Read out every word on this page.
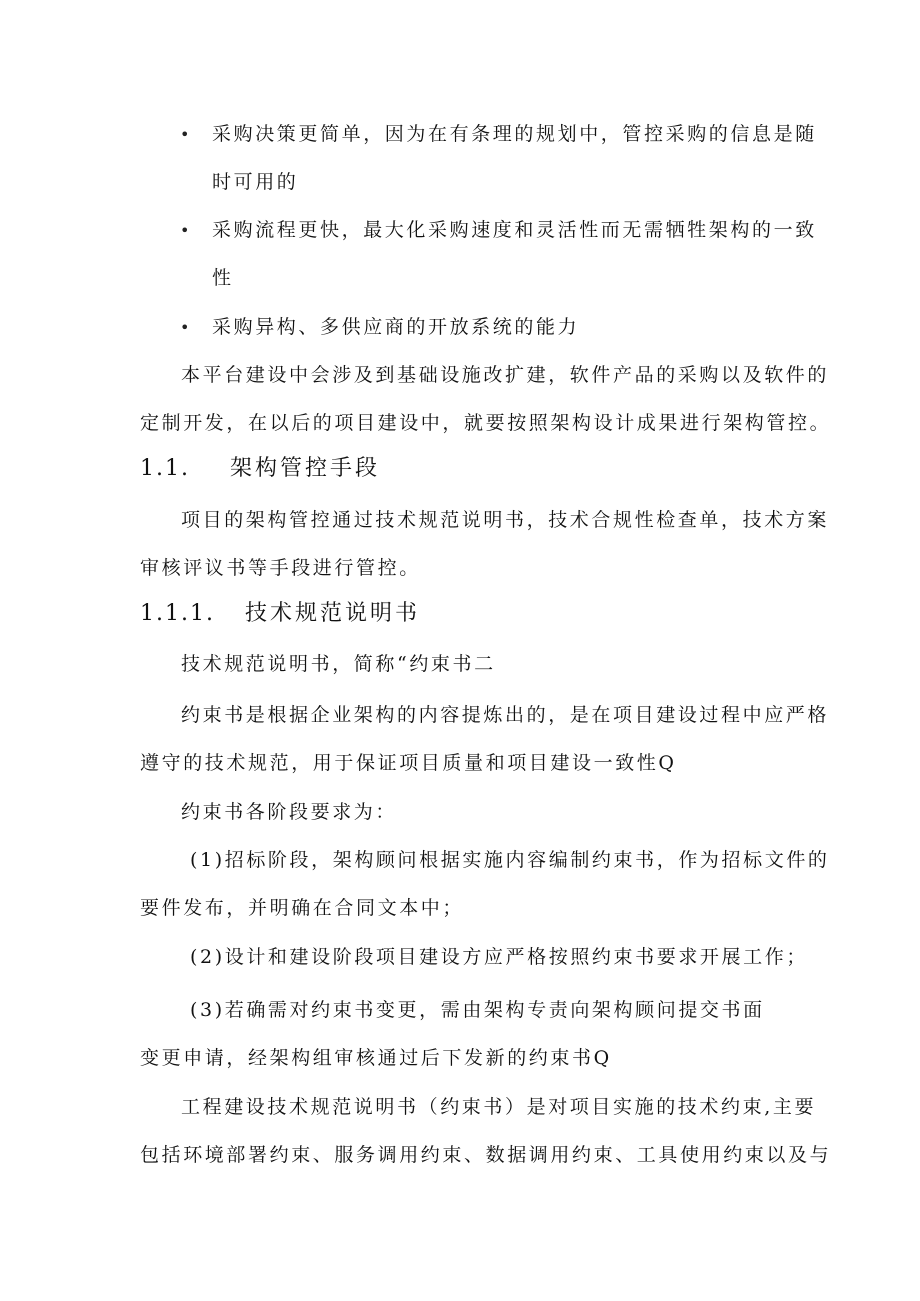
• 采购决策更简单，因为在有条理的规划中，管控采购的信息是随
时可用的
• 采购流程更快，最大化采购速度和灵活性而无需牺牲架构的一致
性
• 采购异构、多供应商的开放系统的能力
本平台建设中会涉及到基础设施改扩建，软件产品的采购以及软件的
定制开发，在以后的项目建设中，就要按照架构设计成果进行架构管控。
1.1. 架构管控手段
项目的架构管控通过技术规范说明书，技术合规性检查单，技术方案
审核评议书等手段进行管控。
1.1.1. 技术规范说明书
技术规范说明书，简称“约束书二
约束书是根据企业架构的内容提炼出的，是在项目建设过程中应严格
遵守的技术规范，用于保证项目质量和项目建设一致性Q
约束书各阶段要求为：
(1)招标阶段，架构顾问根据实施内容编制约束书，作为招标文件的
要件发布，并明确在合同文本中；
(2)设计和建设阶段项目建设方应严格按照约束书要求开展工作；
(3)若确需对约束书变更，需由架构专责向架构顾问提交书面
变更申请，经架构组审核通过后下发新的约束书Q
工程建设技术规范说明书（约束书）是对项目实施的技术约束,主要
包括环境部署约束、服务调用约束、数据调用约束、工具使用约束以及与
